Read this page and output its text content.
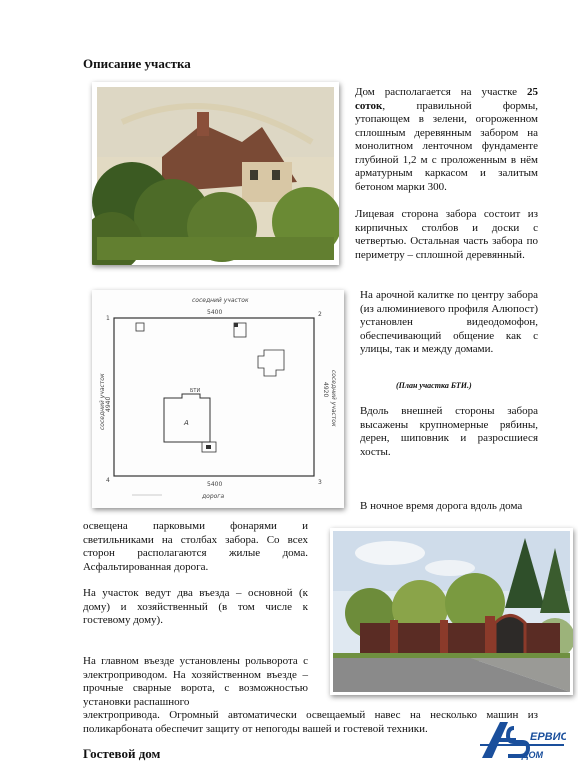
Описание участка
Дом располагается на участке 25 соток, правильной формы, утопающем в зелени, огороженном сплошным деревянным забором на монолитном ленточном фундаменте глубиной 1,2 м с проложенным в нём арматурным каркасом и залитым бетоном марки 300.
Лицевая сторона забора состоит из кирпичных столбов и доски с четвертью. Остальная часть забора по периметру – сплошной деревянный.
соседний участок
5400
5400
дорога
соседний участок 4940
4920 соседний участок
1
2
4	3
А
БТИ
На арочной калитке по центру забора (из алюминиевого профиля Алюпост) установлен видеодомофон, обеспечивающий общение как с улицы, так и между домами.
(План участка БТИ.)
Вдоль внешней стороны забора высажены крупномерные рябины, дерен, шиповник и разросшиеся хосты.
В ночное время дорога вдоль дома
освещена парковыми фонарями и светильниками на столбах забора. Со всех сторон располагаются жилые дома. Асфальтированная дорога.
На участок ведут два въезда – основной (к дому) и хозяйственный (в том числе к гостевому дому).
На главном въезде установлены рольворота с электроприводом. На хозяйственном въезде – прочные сварные ворота, с возможностью установки распашного
электропривода. Огромный автоматически освещаемый навес на несколько машин из поликарбоната обеспечит защиту от непогоды вашей и гостевой техники.
Гостевой дом
ЕРВИС
ДОМ
